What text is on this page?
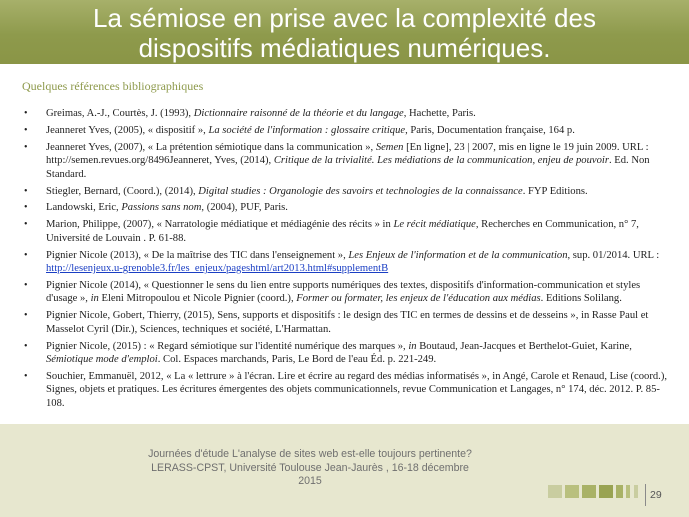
La sémiose en prise avec la complexité des
dispositifs médiatiques numériques.
Quelques références bibliographiques
• Greimas, A.-J., Courtès, J. (1993), Dictionnaire raisonné de la théorie et du langage, Hachette, Paris.
• Jeanneret Yves, (2005), « dispositif », La société de l'information : glossaire critique, Paris, Documentation française, 164 p.
• Jeanneret Yves, (2007), « La prétention sémiotique dans la communication », Semen [En ligne], 23 | 2007, mis en ligne le 19 juin 2009. URL : http://semen.revues.org/8496Jeanneret, Yves, (2014), Critique de la trivialité. Les médiations de la communication, enjeu de pouvoir. Ed. Non Standard.
• Stiegler, Bernard, (Coord.), (2014), Digital studies : Organologie des savoirs et technologies de la connaissance. FYP Editions.
• Landowski, Eric, Passions sans nom, (2004), PUF, Paris.
• Marion, Philippe, (2007), « Narratologie médiatique et médiagénie des récits » in Le récit médiatique, Recherches en Communication, n° 7, Université de Louvain . P. 61-88.
• Pignier Nicole (2013), « De la maîtrise des TIC dans l'enseignement », Les Enjeux de l'information et de la communication, sup. 01/2014. URL : http://lesenjeux.u-grenoble3.fr/les_enjeux/pageshtml/art2013.html#supplementB
• Pignier Nicole (2014), « Questionner le sens du lien entre supports numériques des textes, dispositifs d'information-communication et styles d'usage », in Eleni Mitropoulou et Nicole Pignier (coord.), Former ou formater, les enjeux de l'éducation aux médias. Editions Solilang.
• Pignier Nicole, Gobert, Thierry, (2015), Sens, supports et dispositifs : le design des TIC en termes de dessins et de desseins », in Rasse Paul et Masselot Cyril (Dir.), Sciences, techniques et société, L'Harmattan.
• Pignier Nicole, (2015) : « Regard sémiotique sur l'identité numérique des marques », in Boutaud, Jean-Jacques et Berthelot-Guiet, Karine, Sémiotique mode d'emploi. Col. Espaces marchands, Paris, Le Bord de l'eau Éd. p. 221-249.
• Souchier, Emmanuël, 2012, « La « lettrure » à l'écran. Lire et écrire au regard des médias informatisés », in Angé, Carole et Renaud, Lise (coord.), Signes, objets et pratiques. Les écritures émergentes des objets communicationnels, revue Communication et Langages, n° 174, déc. 2012. P. 85-108.
Journées d'étude L'analyse de sites web est-elle toujours pertinente?
LERASS-CPST, Université Toulouse Jean-Jaurès , 16-18 décembre
2015
29
